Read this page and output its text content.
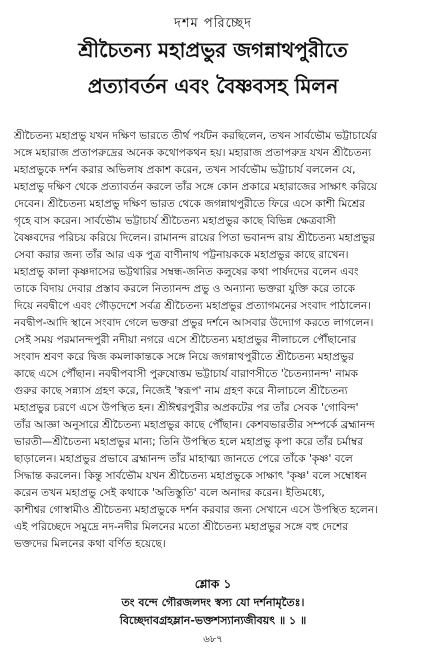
দশম পরিচ্ছেদ
শ্রীচৈতন্য মহাপ্রভুর জগন্নাথপুরীতে
প্রত্যাবর্তন এবং বৈষ্ণবসহ মিলন
শ্রীচৈতন্য মহাপ্রভু যখন দক্ষিণ ভারতে তীর্থ পর্যটন করছিলেন, তখন সার্বভৌম ভট্টাচার্যের
সঙ্গে মহারাজ প্রতাপরুদ্রের অনেক কথোপকথন হয়। মহারাজ প্রতাপরুদ্র যখন শ্রীচৈতন্য
মহাপ্রভুকে দর্শন করার অভিলাষ প্রকাশ করেন, তখন সার্বভৌম ভট্টাচার্য বললেন যে,
মহাপ্রভু দক্ষিণ থেকে প্রত্যাবর্তন করলে তাঁর সঙ্গে কোন প্রকারে মহারাজের সাক্ষাৎ করিয়ে
দেবেন। শ্রীচৈতন্য মহাপ্রভু দক্ষিণ ভারত থেকে জগন্নাথপুরীতে ফিরে এসে কাশী মিশ্রের
গৃহে বাস করেন। সার্বভৌম ভট্টাচার্য শ্রীচৈতন্য মহাপ্রভুর কাছে বিভিন্ন ক্ষেত্রবাসী
বৈষ্ণবদের পরিচয় করিয়ে দিলেন। রামানন্দ রায়ের পিতা ভবানন্দ রায় শ্রীচৈতন্য মহাপ্রভুর
সেবা করার জন্য তাঁর আর এক পুত্র বাণীনাথ পট্টনায়ককে মহাপ্রভুর কাছে রাখেন।
মহাপ্রভু কালা কৃষ্ণদাসের ভট্টথারির সম্বন্ধ-জনিত কলুষের কথা পার্ষদদের বলেন এবং
তাকে বিদায় দেবার প্রস্তাব করলে নিত্যানন্দ প্রভু ও অন্যান্য ভক্তরা যুক্তি করে তাকে
দিয়ে নবদ্বীপে এবং গৌড়দেশে সর্বত্র শ্রীচৈতন্য মহাপ্রভুর প্রত্যাগমনের সংবাদ পাঠালেন।
নবদ্বীপ-আদি স্থানে সংবাদ গেলে ভক্তরা প্রভুর দর্শনে আসবার উদ্যোগ করতে লাগলেন।
সেই সময় পরমানন্দপুরী নদীয়া নগরে এসে শ্রীচৈতন্য মহাপ্রভুর নীলাচলে পৌঁছানোর
সংবাদ শ্রবণ করে দ্বিজ কমলাকান্তকে সঙ্গে নিয়ে জগন্নাথপুরীতে শ্রীচৈতন্য মহাপ্রভুর
কাছে এসে পৌঁছান। নবদ্বীপবাসী পুরুষোত্তম ভট্টাচার্য বারাণসীতে 'চৈতন্যানন্দ' নামক
গুরুর কাছে সন্ন্যাস গ্রহণ করে, নিজেই 'স্বরূপ' নাম গ্রহণ করে নীলাচলে শ্রীচৈতন্য
মহাপ্রভুর চরণে এসে উপস্থিত হন। শ্রীঈশ্বরপুরীর অপ্রকটের পর তাঁর সেবক 'গোবিন্দ'
তাঁর আজ্ঞা অনুসারে শ্রীচৈতন্য মহাপ্রভুর কাছে পৌঁছান। কেশবভারতীর সম্পর্কে ব্রহ্মানন্দ
ভারতী—শ্রীচৈতন্য মহাপ্রভুর মান্য; তিনি উপস্থিত হলে মহাপ্রভু কৃপা করে তাঁর চর্মাম্বর
ছাড়ালেন। মহাপ্রভুর প্রভাবে ব্রহ্মানন্দ তাঁর মাহাত্ম্য জানতে পেরে তাঁকে 'কৃষ্ণ' বলে
সিদ্ধান্ত করলেন। কিন্তু সার্বভৌম যখন শ্রীচৈতন্য মহাপ্রভুকে সাক্ষাৎ 'কৃষ্ণ' বলে সম্বোধন
করেন তখন মহাপ্রভু সেই কথাকে 'অতিস্তুতি' বলে অনাদর করেন। ইতিমধ্যে,
কাশীশ্বর গোস্বামীও শ্রীচৈতন্য মহাপ্রভুকে দর্শন করবার জন্য সেখানে এসে উপস্থিত হলেন।
এই পরিচ্ছেদে সমুদ্রে নদ-নদীর মিলনের মতো শ্রীচৈতন্য মহাপ্রভুর সঙ্গে বহু দেশের
ভক্তদের মিলনের কথা বর্ণিত হয়েছে।
শ্লোক ১
তং বন্দে গৌরজলদং স্বস্য যো দর্শনামৃতৈঃ।
বিচ্ছেদাবগ্রহম্লান-ভক্তশস্যান্যজীবয়ৎ ॥ ১ ॥
৬৮৭
